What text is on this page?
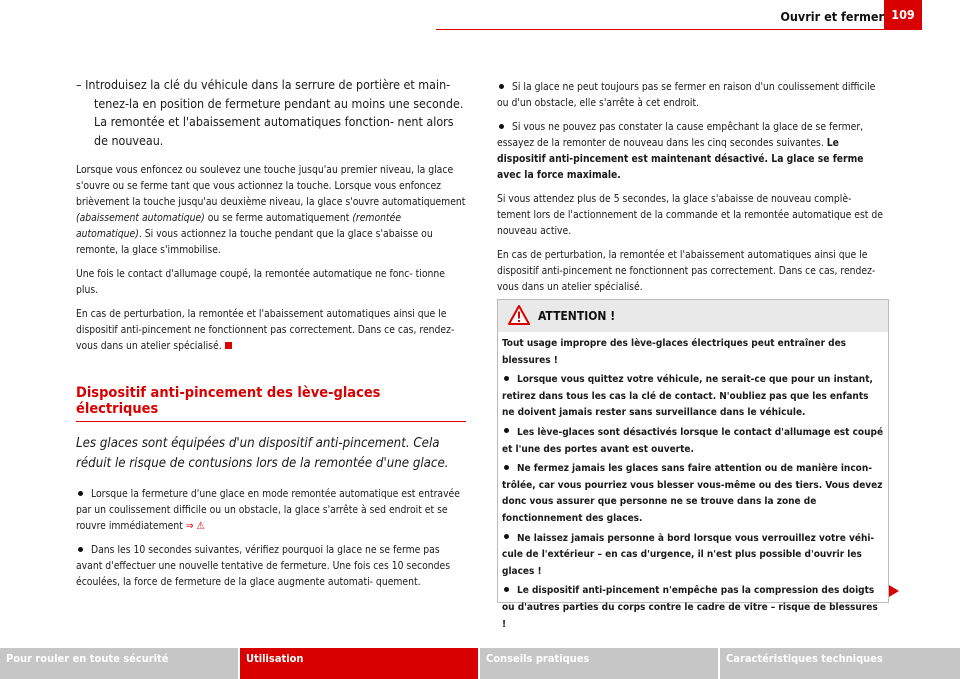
Ouvrir et fermer 109

– Introduisez la clé du véhicule dans la serrure de portière et main- tenez-la en position de fermeture pendant au moins une seconde. La remontée et l'abaissement automatiques fonction- nent alors de nouveau.

Lorsque vous enfoncez ou soulevez une touche jusqu'au premier niveau, la glace s'ouvre ou se ferme tant que vous actionnez la touche. Lorsque vous enfoncez brièvement la touche jusqu'au deuxième niveau, la glace s'ouvre automatiquement (abaissement automatique) ou se ferme automatiquement (remontée automatique). Si vous actionnez la touche pendant que la glace s'abaisse ou remonte, la glace s'immobilise.

Une fois le contact d'allumage coupé, la remontée automatique ne fonc- tionne plus.

En cas de perturbation, la remontée et l'abaissement automatiques ainsi que le dispositif anti-pincement ne fonctionnent pas correctement. Dans ce cas, rendez-vous dans un atelier spécialisé.

Dispositif anti-pincement des lève-glaces électriques
Les glaces sont équipées d'un dispositif anti-pincement. Cela réduit le risque de contusions lors de la remontée d'une glace.

Lorsque la fermeture d'une glace en mode remontée automatique est entravée par un coulissement difficile ou un obstacle, la glace s'arrête à sed endroit et se rouvre immédiatement ⇒ ⚠

Dans les 10 secondes suivantes, vérifiez pourquoi la glace ne se ferme pas avant d'effectuer une nouvelle tentative de fermeture. Une fois ces 10 secondes écoulées, la force de fermeture de la glace augmente automati- quement.

Si la glace ne peut toujours pas se fermer en raison d'un coulissement difficile ou d'un obstacle, elle s'arrête à cet endroit.

Si vous ne pouvez pas constater la cause empêchant la glace de se fermer, essayez de la remonter de nouveau dans les cinq secondes suivantes. Le dispositif anti-pincement est maintenant désactivé. La glace se ferme avec la force maximale.

Si vous attendez plus de 5 secondes, la glace s'abaisse de nouveau complè- tement lors de l'actionnement de la commande et la remontée automatique est de nouveau active.

En cas de perturbation, la remontée et l'abaissement automatiques ainsi que le dispositif anti-pincement ne fonctionnent pas correctement. Dans ce cas, rendez-vous dans un atelier spécialisé.

ATTENTION !

Tout usage impropre des lève-glaces électriques peut entraîner des blessures !

Lorsque vous quittez votre véhicule, ne serait-ce que pour un instant, retirez dans tous les cas la clé de contact. N'oubliez pas que les enfants ne doivent jamais rester sans surveillance dans le véhicule.

Les lève-glaces sont désactivés lorsque le contact d'allumage est coupé et l'une des portes avant est ouverte.

Ne fermez jamais les glaces sans faire attention ou de manière incon- trôlée, car vous pourriez vous blesser vous-même ou des tiers. Vous devez donc vous assurer que personne ne se trouve dans la zone de fonctionnement des glaces.

Ne laissez jamais personne à bord lorsque vous verrouillez votre véhi- cule de l'extérieur – en cas d'urgence, il n'est plus possible d'ouvrir les glaces !

Le dispositif anti-pincement n'empêche pas la compression des doigts ou d'autres parties du corps contre le cadre de vitre – risque de blessures !

Pour rouler en toute sécurité	Utilisation	Conseils pratiques	Caractéristiques techniques
